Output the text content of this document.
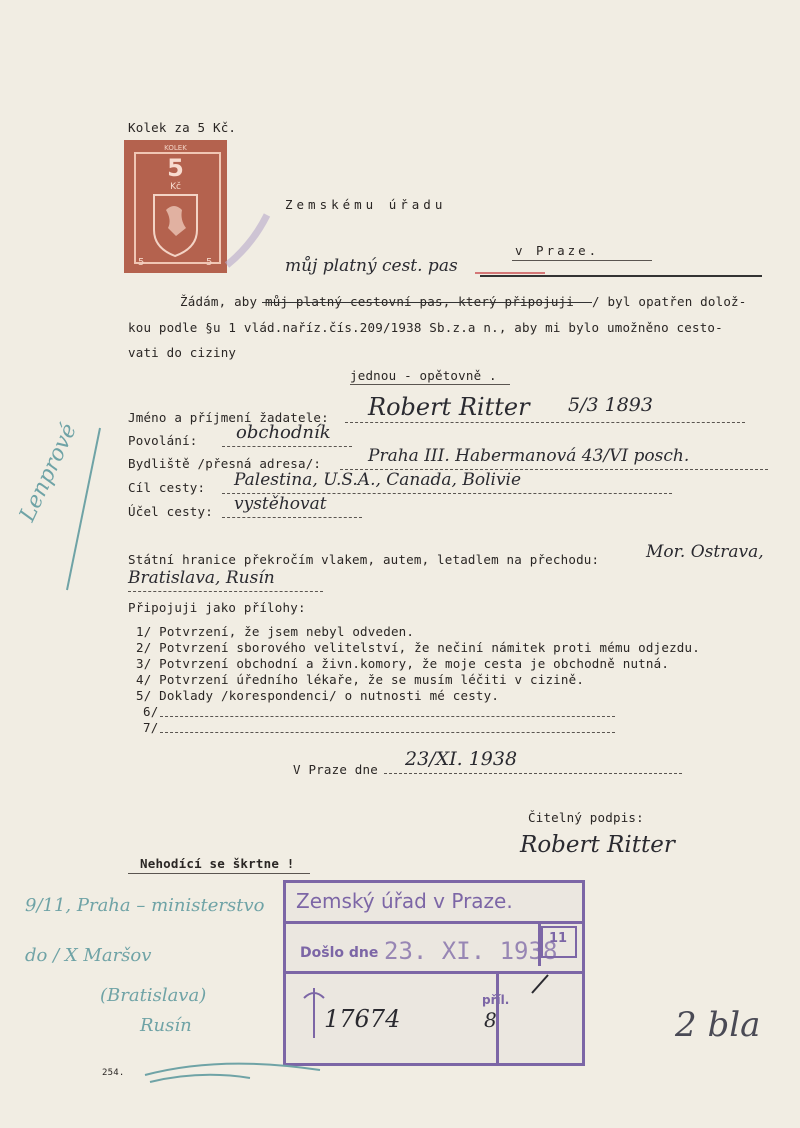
Kolek za 5 Kč.
KOLEK
5
Kč
5	5
Zemskému úřadu
v Praze.
můj platný cest. pas
Žádám, aby můj platný cestovní pas, který připojuji / byl opatřen dolož-
kou podle §u 1 vlád.naříz.čís.209/1938 Sb.z.a n., aby mi bylo umožněno cesto-
vati do ciziny
jednou - opětovně .
Jméno a příjmení žadatele: Robert Ritter 5/3 1893
Povolání: obchodník
Bydliště /přesná adresa/:	Praha III. Habermanová 43/VI posch.
Cíl cesty: Palestina, U.S.A., Canada, Bolivie
Účel cesty: vystěhovat
Státní hranice překročím vlakem, autem, letadlem na přechodu:	Mor. Ostrava,
Bratislava, Rusín
Připojuji jako přílohy:
1/ Potvrzení, že jsem nebyl odveden.
2/ Potvrzení sborového velitelství, že nečiní námitek proti mému odjezdu.
3/ Potvrzení obchodní a živn.komory, že moje cesta je obchodně nutná.
4/ Potvrzení úředního lékaře, že se musím léčiti v cizině.
5/ Doklady /korespondenci/ o nutnosti mé cesty.
6/
7/
V Praze dne 23/XI. 1938
Čitelný podpis:
Robert Ritter
Nehodící se škrtne !
Zemský úřad v Praze.
Došlo dne 23. XI. 1938
11
17674
příl.
8
Lenprové
9/11, Praha – ministerstvo
do / X Maršov
(Bratislava)
Rusín	2 bla
254.
